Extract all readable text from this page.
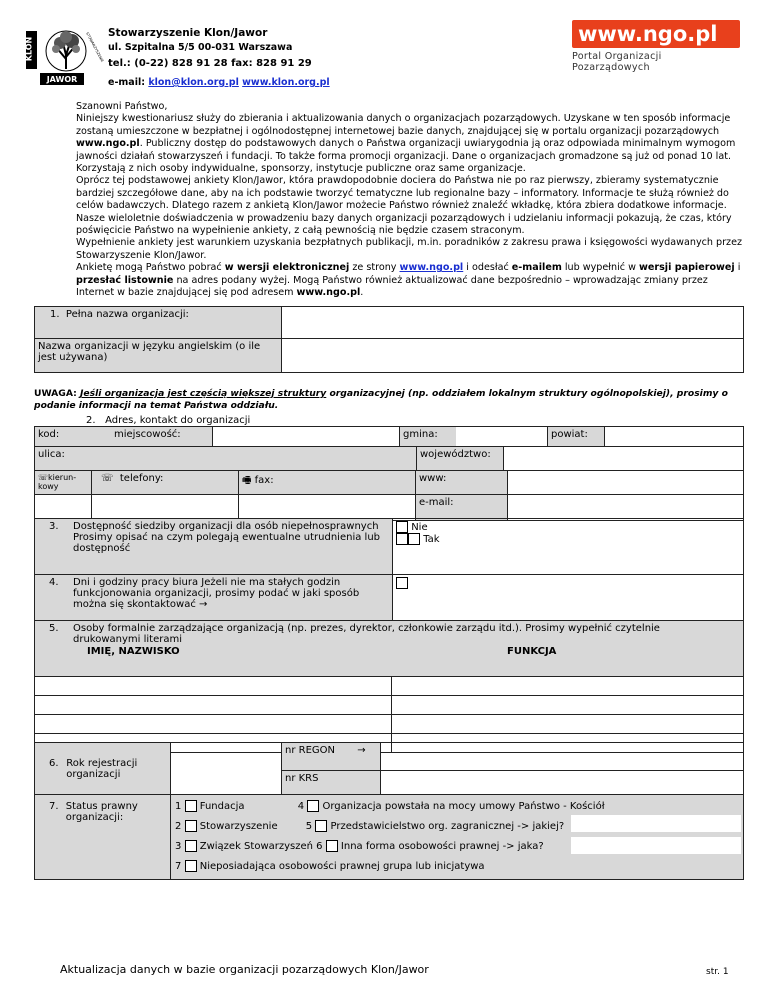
KLON
JAWOR
STOWARZYSZENIE Stowarzyszenie Klon/Jawor
ul. Szpitalna 5/5 00-031 Warszawa
tel.: (0-22) 828 91 28 fax: 828 91 29
e-mail: klon@klon.org.pl www.klon.org.pl
www.ngo.pl
Portal Organizacji Pozarządowych

Szanowni Państwo,

Niniejszy kwestionariusz służy do zbierania i aktualizowania danych o organizacjach pozarządowych. Uzyskane w ten sposób informacje zostaną umieszczone w bezpłatnej i ogólnodostępnej internetowej bazie danych, znajdującej się w portalu organizacji pozarządowych www.ngo.pl. Publiczny dostęp do podstawowych danych o Państwa organizacji uwiarygodnia ją oraz odpowiada minimalnym wymogom jawności działań stowarzyszeń i fundacji. To także forma promocji organizacji. Dane o organizacjach gromadzone są już od ponad 10 lat. Korzystają z nich osoby indywidualne, sponsorzy, instytucje publiczne oraz same organizacje.

Oprócz tej podstawowej ankiety Klon/Jawor, która prawdopodobnie dociera do Państwa nie po raz pierwszy, zbieramy systematycznie bardziej szczegółowe dane, aby na ich podstawie tworzyć tematyczne lub regionalne bazy – informatory. Informacje te służą również do celów badawczych. Dlatego razem z ankietą Klon/Jawor możecie Państwo również znaleźć wkładkę, która zbiera dodatkowe informacje. Nasze wieloletnie doświadczenia w prowadzeniu bazy danych organizacji pozarządowych i udzielaniu informacji pokazują, że czas, który poświęcicie Państwo na wypełnienie ankiety, z całą pewnością nie będzie czasem straconym.

Wypełnienie ankiety jest warunkiem uzyskania bezpłatnych publikacji, m.in. poradników z zakresu prawa i księgowości wydawanych przez Stowarzyszenie Klon/Jawor.

Ankietę mogą Państwo pobrać w wersji elektronicznej ze strony www.ngo.pl i odesłać e-mailem lub wypełnić w wersji papierowej i przesłać listownie na adres podany wyżej. Mogą Państwo również aktualizować dane bezpośrednio – wprowadzając zmiany przez Internet w bazie znajdującej się pod adresem www.ngo.pl.

1. Pełna nazwa organizacji:	
Nazwa organizacji w języku angielskim (o ile jest używana)	
UWAGA: Jeśli organizacja jest częścią większej struktury organizacyjnej (np. oddziałem lokalnym struktury ogólnopolskiej), prosimy o podanie informacji na temat Państwa oddziału.
2. Adres, kontakt do organizacji
kod:	miejscowość:		gmina:		powiat:	
ulica:	województwo:	
☏kierun-kowy	☏ telefony:	🖷 fax:	www:	
			e-mail:	
3.	Dostępność siedziby organizacji dla osób niepełnosprawnych Prosimy opisać na czym polegają ewentualne utrudnienia lub dostępność

Nie
Tak
4.	Dni i godziny pracy biura Jeżeli nie ma stałych godzin funkcjonowania organizacji, prosimy podać w jaki sposób można się skontaktować →

5. Osoby formalnie zarządzające organizacją (np. prezes, dyrektor, członkowie zarządu itd.). Prosimy wypełnić czytelnie drukowanymi literami
IMIĘ, NAZWISKO FUNKCJA	

6. Rok rejestracji organizacji		nr REGON →	
		nr KRS	
7. Status prawny organizacji:

1 Fundacja	4 Organizacja powstała na mocy umowy Państwo - Kościół
2 Stowarzyszenie	5 Przedstawicielstwo org. zagranicznej -> jakiej?
3 Związek Stowarzyszeń 6 Inna forma osobowości prawnej -> jaka?
7 Nieposiadająca osobowości prawnej grupa lub inicjatywa
Aktualizacja danych w bazie organizacji pozarządowych Klon/Jawor	str. 1
